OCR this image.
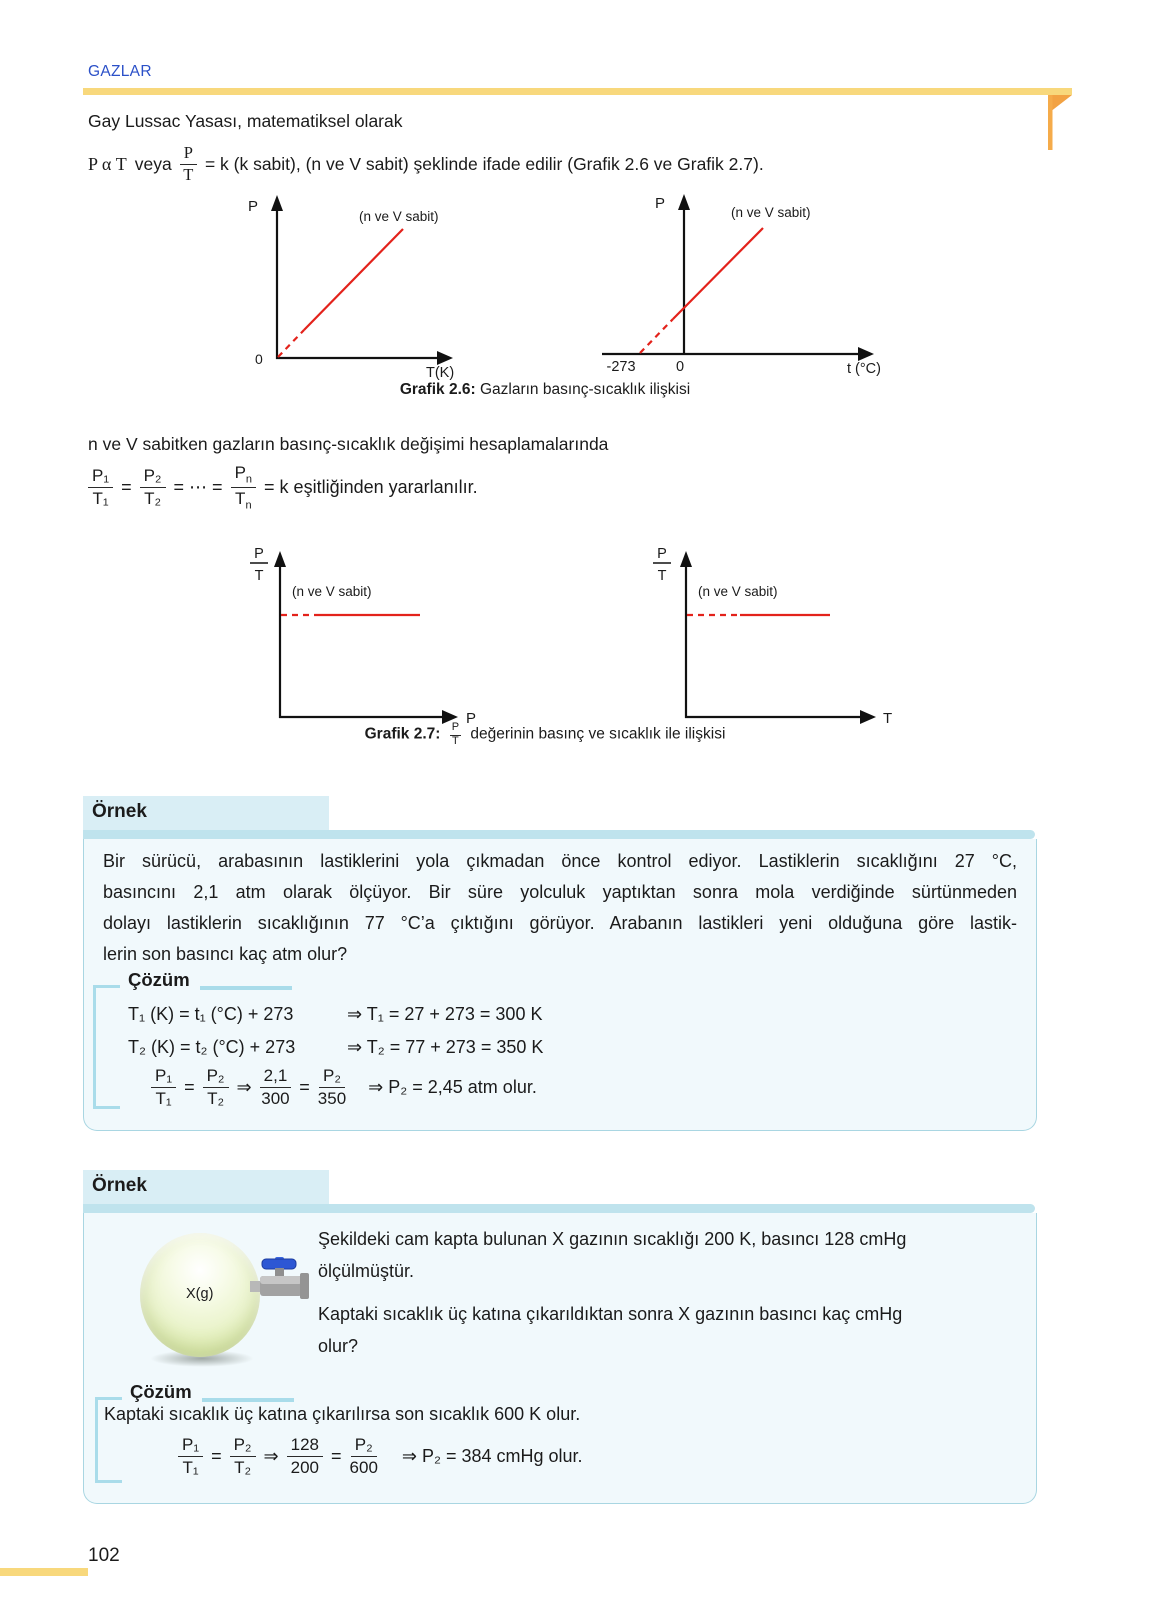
GAZLAR
Gay Lussac Yasası, matematiksel olarak
P α T veya $\frac{P}{T} = k$ (k sabit), (n ve V sabit) şeklinde ifade edilir (Grafik 2.6 ve Grafik 2.7).
P
0
T(K)
(n ve V sabit)
P
-273	0	t (°C)
(n ve V sabit)
Grafik 2.6: Gazların basınç-sıcaklık ilişkisi
n ve V sabitken gazların basınç-sıcaklık değişimi hesaplamalarında
$\frac{\text{P₁}}{\text{T₁}} = \frac{\text{P₂}}{\text{T₂}}$ = ⋯ = $\frac{P_n}{T_n} = k$ eşitliğinden yararlanılır.
P
T
(n ve V sabit)
P
P
T
(n ve V sabit)
T
Grafik 2.7: $\frac{P}{T}$ değerinin basınç ve sıcaklık ile ilişkisi
Örnek
Bir sürücü, arabasının lastiklerini yola çıkmadan önce kontrol ediyor. Lastiklerin sıcaklığını 27 °C,
basıncını 2,1 atm olarak ölçüyor. Bir süre yolculuk yaptıktan sonra mola verdiğinde sürtünmeden
dolayı lastiklerin sıcaklığının 77 °C’a çıktığını görüyor. Arabanın lastikleri yeni olduğuna göre lastik-
lerin son basıncı kaç atm olur?
Çözüm
T₁ (K) = t₁ (°C) + 273	⇒ T₁ = 27 + 273 = 300 K
T₂ (K) = t₂ (°C) + 273	⇒ T₂ = 77 + 273 = 350 K
$\frac{\text{P₁}}{\text{T₁}} = \frac{\text{P₂}}{\text{T₂}}$ ⇒ $\frac{2,1}{300} = \frac{\text{P₂}}{350}$ ⇒ P₂ = 2,45 atm olur.
Örnek
X(g)
Şekildeki cam kapta bulunan X gazının sıcaklığı 200 K, basıncı 128 cmHg
ölçülmüştür.
Kaptaki sıcaklık üç katına çıkarıldıktan sonra X gazının basıncı kaç cmHg
olur?
Çözüm
Kaptaki sıcaklık üç katına çıkarılırsa son sıcaklık 600 K olur.
$\frac{\text{P₁}}{\text{T₁}} = \frac{\text{P₂}}{\text{T₂}}$ ⇒ $\frac{128}{200} = \frac{\text{P₂}}{600}$ ⇒ P₂ = 384 cmHg olur.
102
